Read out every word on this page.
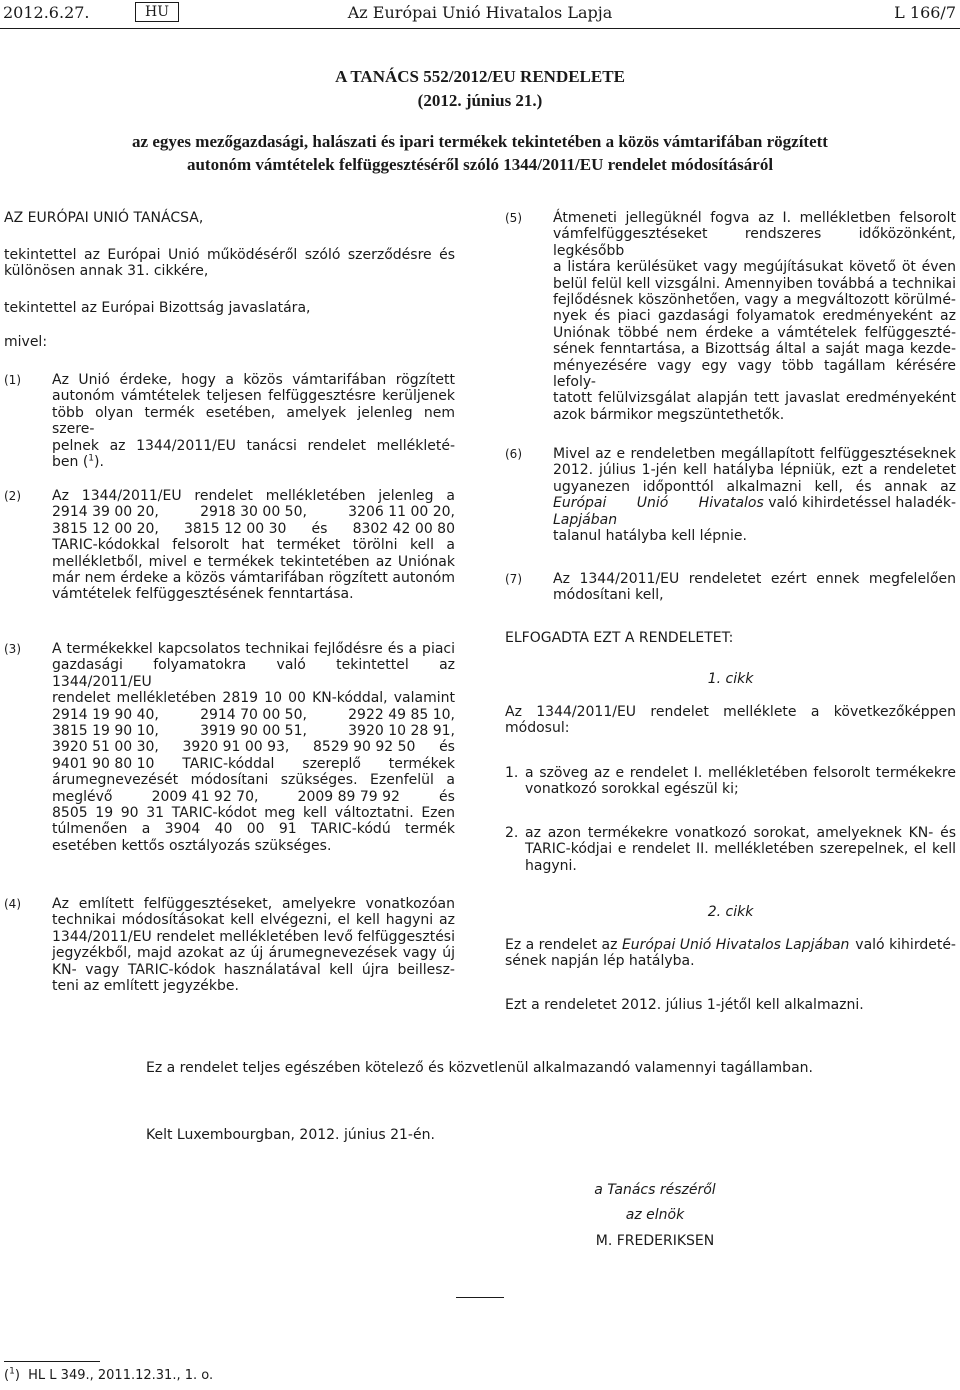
2012.6.27.	HU	Az Európai Unió Hivatalos Lapja	L 166/7
A TANÁCS 552/2012/EU RENDELETE
(2012. június 21.)
az egyes mezőgazdasági, halászati és ipari termékek tekintetében a közös vámtarifában rögzített
autonóm vámtételek felfüggesztéséről szóló 1344/2011/EU rendelet módosításáról
AZ EURÓPAI UNIÓ TANÁCSA,
tekintettel az Európai Unió működéséről szóló szerződésre és
különösen annak 31. cikkére,
tekintettel az Európai Bizottság javaslatára,
mivel:
(1) Az Unió érdeke, hogy a közös vámtarifában rögzített
autonóm vámtételek teljesen felfüggesztésre kerüljenek
több olyan termék esetében, amelyek jelenleg nem szere-
pelnek az 1344/2011/EU tanácsi rendelet mellékleté-
ben ($^1$).
(2) Az 1344/2011/EU rendelet mellékletében jelenleg a
2914 39 00 20,	2918 30 00 50,	3206 11 00 20,
3815 12 00 20, 3815 12 00 30 és 8302 42 00 80
TARIC-kódokkal felsorolt hat terméket törölni kell a
mellékletből, mivel e termékek tekintetében az Uniónak
már nem érdeke a közös vámtarifában rögzített autonóm
vámtételek felfüggesztésének fenntartása.
(3) A termékekkel kapcsolatos technikai fejlődésre és a piaci
gazdasági folyamatokra való tekintettel az 1344/2011/EU
rendelet mellékletében 2819 10 00 KN-kóddal, valamint
2914 19 90 40,	2914 70 00 50,	2922 49 85 10,
3815 19 90 10,	3919 90 00 51,	3920 10 28 91,
3920 51 00 30, 3920 91 00 93, 8529 90 92 50 és
9401 90 80 10 TARIC-kóddal szereplő termékek
árumegnevezését módosítani szükséges. Ezenfelül a
meglévő	2009 41 92 70,	2009 89 79 92	és
8505 19 90 31 TARIC-kódot meg kell változtatni. Ezen
túlmenően a 3904 40 00 91 TARIC-kódú termék
esetében kettős osztályozás szükséges.
(4) Az említett felfüggesztéseket, amelyekre vonatkozóan
technikai módosításokat kell elvégezni, el kell hagyni az
1344/2011/EU rendelet mellékletében levő felfüggesztési
jegyzékből, majd azokat az új árumegnevezések vagy új
KN- vagy TARIC-kódok használatával kell újra beillesz-
teni az említett jegyzékbe.
(5) Átmeneti jellegüknél fogva az I. mellékletben felsorolt
vámfelfüggesztéseket rendszeres időközönként, legkésőbb
a listára kerülésüket vagy megújításukat követő öt éven
belül felül kell vizsgálni. Amennyiben továbbá a technikai
fejlődésnek köszönhetően, vagy a megváltozott körülmé-
nyek és piaci gazdasági folyamatok eredményeként az
Uniónak többé nem érdeke a vámtételek felfüggeszté-
sének fenntartása, a Bizottság által a saját maga kezde-
ményezésére vagy egy vagy több tagállam kérésére lefoly-
tatott felülvizsgálat alapján tett javaslat eredményeként
azok bármikor megszüntethetők.
(6) Mivel az e rendeletben megállapított felfüggesztéseknek
2012. július 1-jén kell hatályba lépniük, ezt a rendeletet
ugyanezen időponttól alkalmazni kell, és annak az
Európai Unió Hivatalos Lapjában
való kihirdetéssel haladék-
talanul hatályba kell lépnie.
(7) Az 1344/2011/EU rendeletet ezért ennek megfelelően
módosítani kell,
ELFOGADTA EZT A RENDELETET:
1. cikk
Az 1344/2011/EU rendelet melléklete a következőképpen
módosul:
1. a szöveg az e rendelet I. mellékletében felsorolt termékekre
vonatkozó sorokkal egészül ki;
2. az azon termékekre vonatkozó sorokat, amelyeknek KN- és
TARIC-kódjai e rendelet II. mellékletében szerepelnek, el kell
hagyni.
2. cikk
Ez a rendelet az Európai Unió Hivatalos Lapjában való kihirdeté-
sének napján lép hatályba.
Ezt a rendeletet 2012. július 1-jétől kell alkalmazni.
Ez a rendelet teljes egészében kötelező és közvetlenül alkalmazandó valamennyi tagállamban.
Kelt Luxembourgban, 2012. június 21-én.
a Tanács részéről
az elnök
M. FREDERIKSEN
($^1$)  HL L 349., 2011.12.31., 1. o.
